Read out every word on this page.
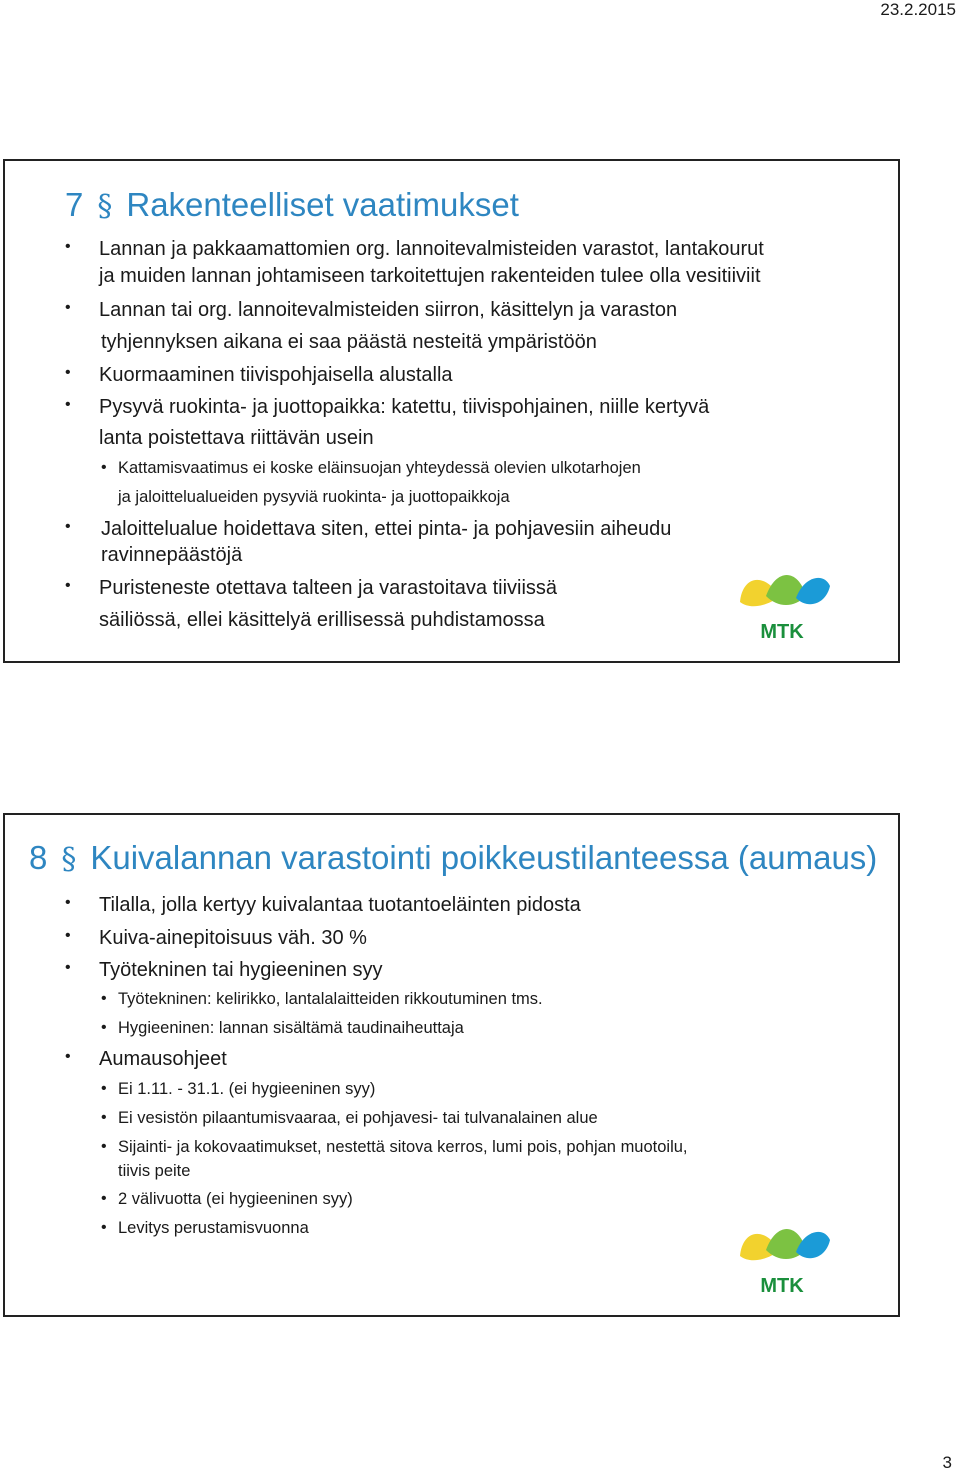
23.2.2015
7 § Rakenteelliset vaatimukset
• Lannan ja pakkaamattomien org. lannoitevalmisteiden varastot, lantakourut
ja muiden lannan johtamiseen tarkoitettujen rakenteiden tulee olla vesitiiviit
• Lannan tai org. lannoitevalmisteiden siirron, käsittelyn ja varaston
tyhjennyksen aikana ei saa päästä nesteitä ympäristöön
• Kuormaaminen tiivispohjaisella alustalla
• Pysyvä ruokinta- ja juottopaikka: katettu, tiivispohjainen, niille kertyvä
lanta poistettava riittävän usein
• Kattamisvaatimus ei koske eläinsuojan yhteydessä olevien ulkotarhojen
ja jaloittelualueiden pysyviä ruokinta- ja juottopaikkoja
• Jaloittelualue hoidettava siten, ettei pinta- ja pohjavesiin aiheudu
ravinnepäästöjä
• Puristeneste otettava talteen ja varastoitava tiiviissä
säiliössä, ellei käsittelyä erillisessä puhdistamossa
MTK
8 § Kuivalannan varastointi poikkeustilanteessa (aumaus)
• Tilalla, jolla kertyy kuivalantaa tuotantoeläinten pidosta
• Kuiva-ainepitoisuus väh. 30 %
• Työtekninen tai hygieeninen syy
• Työtekninen: kelirikko, lantalalaitteiden rikkoutuminen tms.
• Hygieeninen: lannan sisältämä taudinaiheuttaja
• Aumausohjeet
• Ei 1.11. - 31.1. (ei hygieeninen syy)
• Ei vesistön pilaantumisvaaraa, ei pohjavesi- tai tulvanalainen alue
• Sijainti- ja kokovaatimukset, nestettä sitova kerros, lumi pois, pohjan muotoilu,
tiivis peite
• 2 välivuotta (ei hygieeninen syy)
• Levitys perustamisvuonna
MTK
3
